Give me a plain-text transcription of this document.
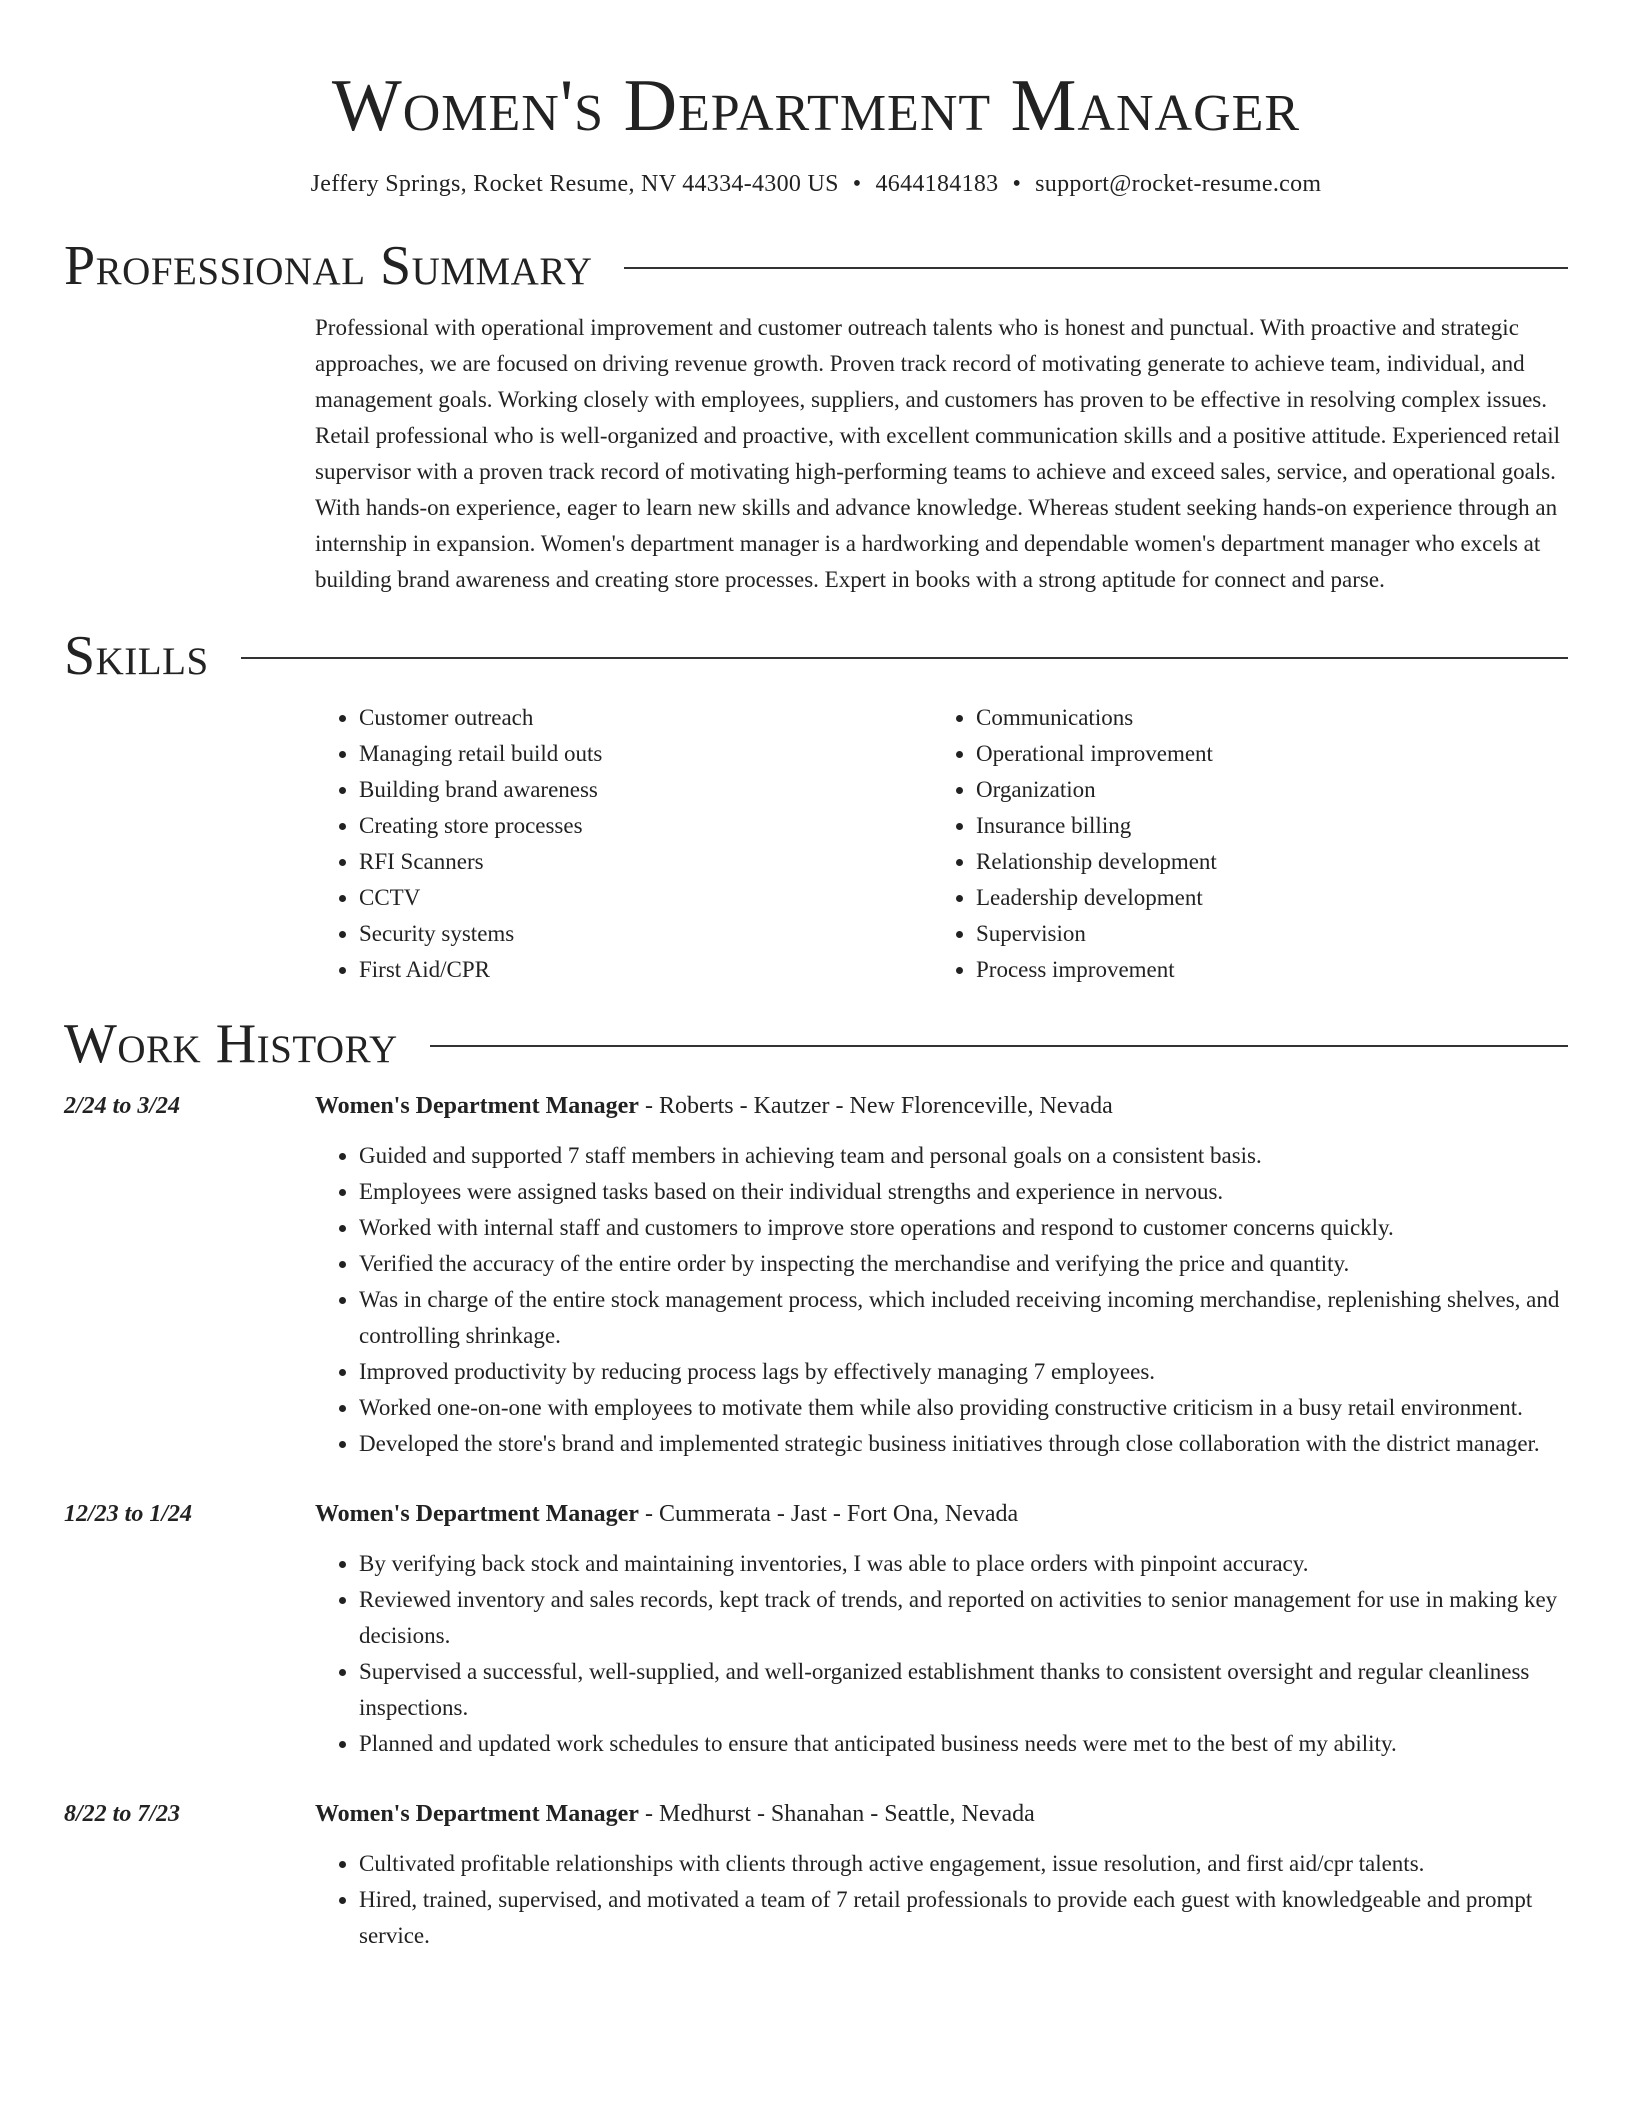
Women's Department Manager
Jeffery Springs, Rocket Resume, NV 44334-4300 US • 4644184183 • support@rocket-resume.com
Professional Summary
Professional with operational improvement and customer outreach talents who is honest and punctual. With proactive and strategic approaches, we are focused on driving revenue growth. Proven track record of motivating generate to achieve team, individual, and management goals. Working closely with employees, suppliers, and customers has proven to be effective in resolving complex issues. Retail professional who is well-organized and proactive, with excellent communication skills and a positive attitude. Experienced retail supervisor with a proven track record of motivating high-performing teams to achieve and exceed sales, service, and operational goals. With hands-on experience, eager to learn new skills and advance knowledge. Whereas student seeking hands-on experience through an internship in expansion. Women's department manager is a hardworking and dependable women's department manager who excels at building brand awareness and creating store processes. Expert in books with a strong aptitude for connect and parse.
Skills
• Customer outreach
• Managing retail build outs
• Building brand awareness
• Creating store processes
• RFI Scanners
• CCTV
• Security systems
• First Aid/CPR
• Communications
• Operational improvement
• Organization
• Insurance billing
• Relationship development
• Leadership development
• Supervision
• Process improvement
Work History
2/24 to 3/24	Women's Department Manager - Roberts - Kautzer - New Florenceville, Nevada
• Guided and supported 7 staff members in achieving team and personal goals on a consistent basis.
• Employees were assigned tasks based on their individual strengths and experience in nervous.
• Worked with internal staff and customers to improve store operations and respond to customer concerns quickly.
• Verified the accuracy of the entire order by inspecting the merchandise and verifying the price and quantity.
• Was in charge of the entire stock management process, which included receiving incoming merchandise, replenishing shelves, and controlling shrinkage.
• Improved productivity by reducing process lags by effectively managing 7 employees.
• Worked one-on-one with employees to motivate them while also providing constructive criticism in a busy retail environment.
• Developed the store's brand and implemented strategic business initiatives through close collaboration with the district manager.
12/23 to 1/24	Women's Department Manager - Cummerata - Jast - Fort Ona, Nevada
• By verifying back stock and maintaining inventories, I was able to place orders with pinpoint accuracy.
• Reviewed inventory and sales records, kept track of trends, and reported on activities to senior management for use in making key decisions.
• Supervised a successful, well-supplied, and well-organized establishment thanks to consistent oversight and regular cleanliness inspections.
• Planned and updated work schedules to ensure that anticipated business needs were met to the best of my ability.
8/22 to 7/23	Women's Department Manager - Medhurst - Shanahan - Seattle, Nevada
• Cultivated profitable relationships with clients through active engagement, issue resolution, and first aid/cpr talents.
• Hired, trained, supervised, and motivated a team of 7 retail professionals to provide each guest with knowledgeable and prompt service.
